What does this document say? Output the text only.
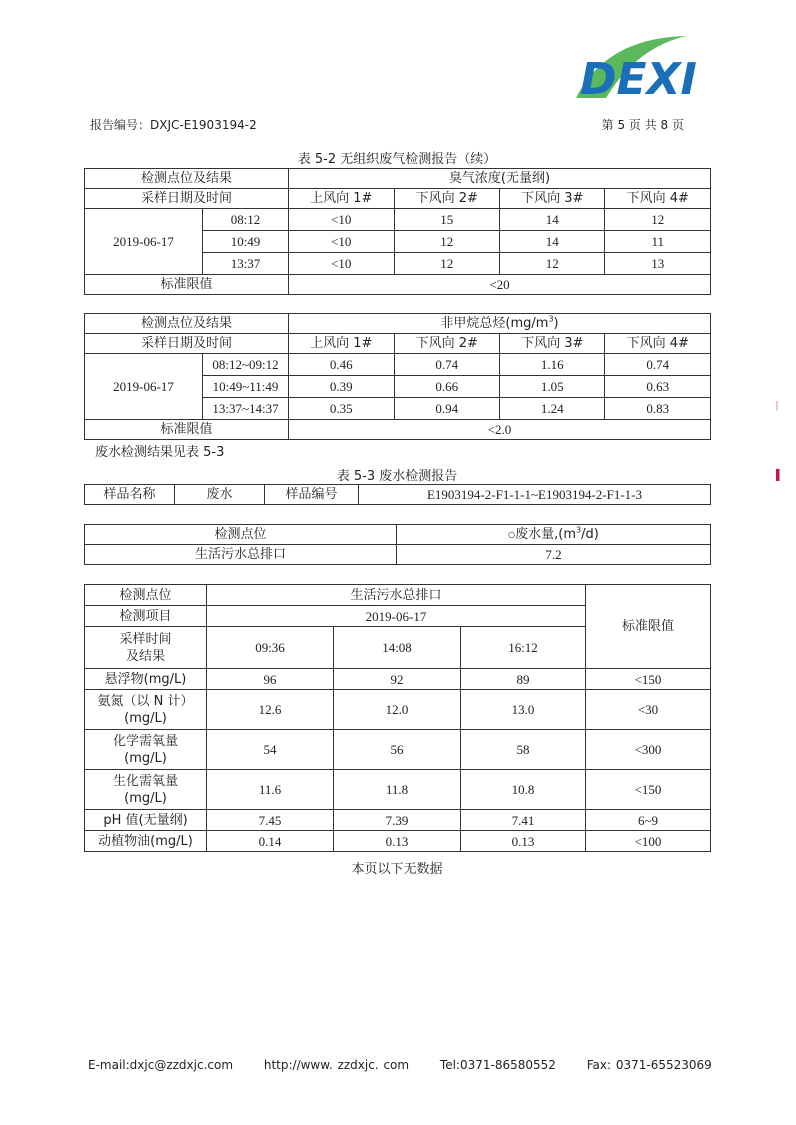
DEXI
报告编号：DXJC-E1903194-2	第 5 页 共 8 页
表 5-2 无组织废气检测报告（续）
检测点位及结果		臭气浓度(无量纲)			
采样日期及时间		上风向 1#	下风向 2#	下风向 3#	下风向 4#
2019-06-17	08:12	<10	15	14	12
	10:49	<10	12	14	11
	13:37	<10	12	12	13
标准限值		<20			
检测点位及结果		非甲烷总烃$(mg/m^3)$			
采样日期及时间		上风向 1#	下风向 2#	下风向 3#	下风向 4#
2019-06-17	08:12~09:12	0.46	0.74	1.16	0.74
	10:49~11:49	0.39	0.66	1.05	0.63
	13:37~14:37	0.35	0.94	1.24	0.83
标准限值		<2.0			
废水检测结果见表 5-3
表 5-3 废水检测报告
样品名称	废水	样品编号	E1903194-2-F1-1-1~E1903194-2-F1-1-3
检测点位	○废水量$,(m^3/d)$
生活污水总排口	7.2
检测点位	生活污水总排口			标准限值
检测项目	2019-06-17			

采样时间
及结果	09:36	14:08	16:12	
悬浮物(mg/L)	96	92	89	<150

氨氮（以 N 计）
(mg/L)	12.6	12.0	13.0	<30

化学需氧量
(mg/L)	54	56	58	<300

生化需氧量
(mg/L)	11.6	11.8	10.8	<150
pH 值(无量纲)	7.45	7.39	7.41	6~9
动植物油(mg/L)	0.14	0.13	0.13	<100
本页以下无数据
|
▌
E-mail:dxjc@zzdxjc.com	http://www. zzdxjc. com	Tel:0371-86580552	Fax: 0371-65523069
